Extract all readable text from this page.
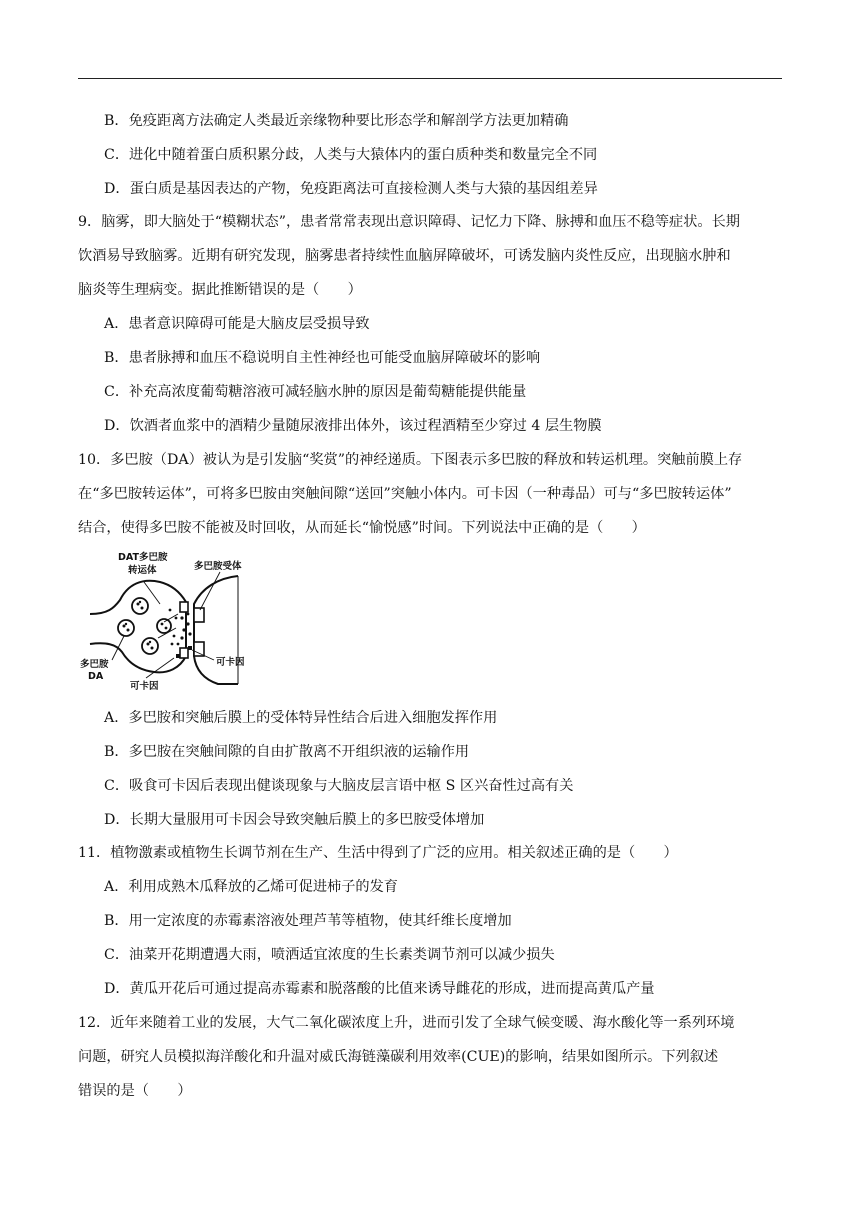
B．免疫距离方法确定人类最近亲缘物种要比形态学和解剖学方法更加精确
C．进化中随着蛋白质积累分歧，人类与大猿体内的蛋白质种类和数量完全不同
D．蛋白质是基因表达的产物，免疫距离法可直接检测人类与大猿的基因组差异
9．脑雾，即大脑处于“模糊状态”，患者常常表现出意识障碍、记忆力下降、脉搏和血压不稳等症状。长期
饮酒易导致脑雾。近期有研究发现，脑雾患者持续性血脑屏障破坏，可诱发脑内炎性反应，出现脑水肿和
脑炎等生理病变。据此推断错误的是（　　）
A．患者意识障碍可能是大脑皮层受损导致
B．患者脉搏和血压不稳说明自主性神经也可能受血脑屏障破坏的影响
C．补充高浓度葡萄糖溶液可减轻脑水肿的原因是葡萄糖能提供能量
D．饮酒者血浆中的酒精少量随尿液排出体外，该过程酒精至少穿过 4 层生物膜
10．多巴胺（DA）被认为是引发脑“奖赏”的神经递质。下图表示多巴胺的释放和转运机理。突触前膜上存
在“多巴胺转运体”，可将多巴胺由突触间隙“送回”突触小体内。可卡因（一种毒品）可与“多巴胺转运体”
结合，使得多巴胺不能被及时回收，从而延长“愉悦感”时间。下列说法中正确的是（　　）
DAT多巴胺
转运体	多巴胺受体
多巴胺
DA
可卡因
可卡因
A．多巴胺和突触后膜上的受体特异性结合后进入细胞发挥作用
B．多巴胺在突触间隙的自由扩散离不开组织液的运输作用
C．吸食可卡因后表现出健谈现象与大脑皮层言语中枢 S 区兴奋性过高有关
D．长期大量服用可卡因会导致突触后膜上的多巴胺受体增加
11．植物激素或植物生长调节剂在生产、生活中得到了广泛的应用。相关叙述正确的是（　　）
A．利用成熟木瓜释放的乙烯可促进柿子的发育
B．用一定浓度的赤霉素溶液处理芦苇等植物，使其纤维长度增加
C．油菜开花期遭遇大雨，喷洒适宜浓度的生长素类调节剂可以减少损失
D．黄瓜开花后可通过提高赤霉素和脱落酸的比值来诱导雌花的形成，进而提高黄瓜产量
12．近年来随着工业的发展，大气二氧化碳浓度上升，进而引发了全球气候变暖、海水酸化等一系列环境
问题，研究人员模拟海洋酸化和升温对威氏海链藻碳利用效率(CUE)的影响，结果如图所示。下列叙述
错误的是（　　）
